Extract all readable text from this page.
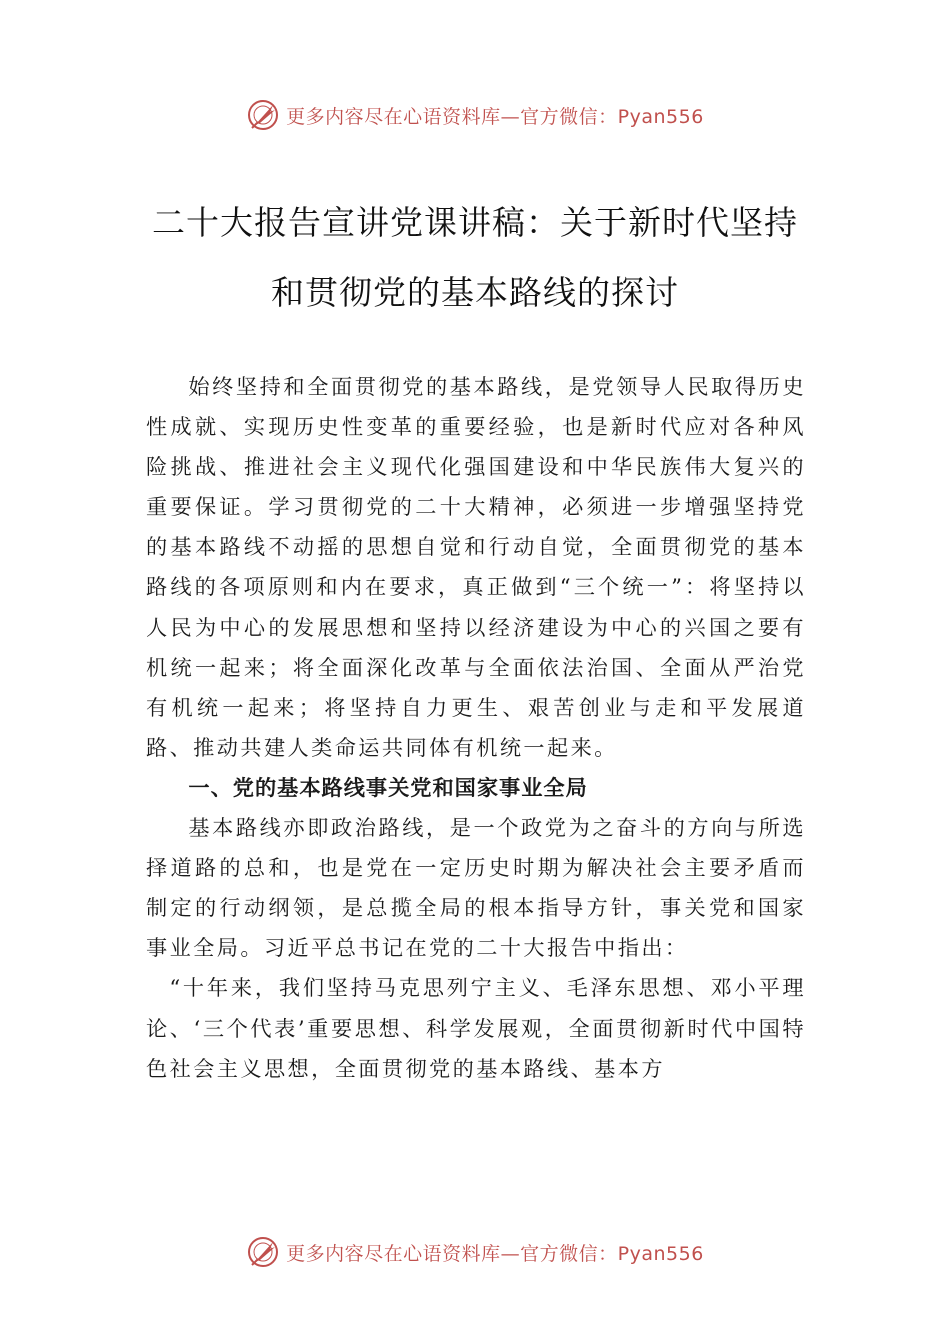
更多内容尽在心语资料库—官方微信：Pyan556
二十大报告宣讲党课讲稿：关于新时代坚持和贯彻党的基本路线的探讨

始终坚持和全面贯彻党的基本路线，是党领导人民取得历史性成就、实现历史性变革的重要经验，也是新时代应对各种风险挑战、推进社会主义现代化强国建设和中华民族伟大复兴的重要保证。学习贯彻党的二十大精神，必须进一步增强坚持党的基本路线不动摇的思想自觉和行动自觉，全面贯彻党的基本路线的各项原则和内在要求，真正做到“三个统一”：将坚持以人民为中心的发展思想和坚持以经济建设为中心的兴国之要有机统一起来；将全面深化改革与全面依法治国、全面从严治党有机统一起来；将坚持自力更生、艰苦创业与走和平发展道路、推动共建人类命运共同体有机统一起来。

一、党的基本路线事关党和国家事业全局

基本路线亦即政治路线，是一个政党为之奋斗的方向与所选择道路的总和，也是党在一定历史时期为解决社会主要矛盾而制定的行动纲领，是总揽全局的根本指导方针，事关党和国家事业全局。习近平总书记在党的二十大报告中指出：

“十年来，我们坚持马克思列宁主义、毛泽东思想、邓小平理论、‘三个代表’重要思想、科学发展观，全面贯彻新时代中国特色社会主义思想，全面贯彻党的基本路线、基本方

更多内容尽在心语资料库—官方微信：Pyan556
